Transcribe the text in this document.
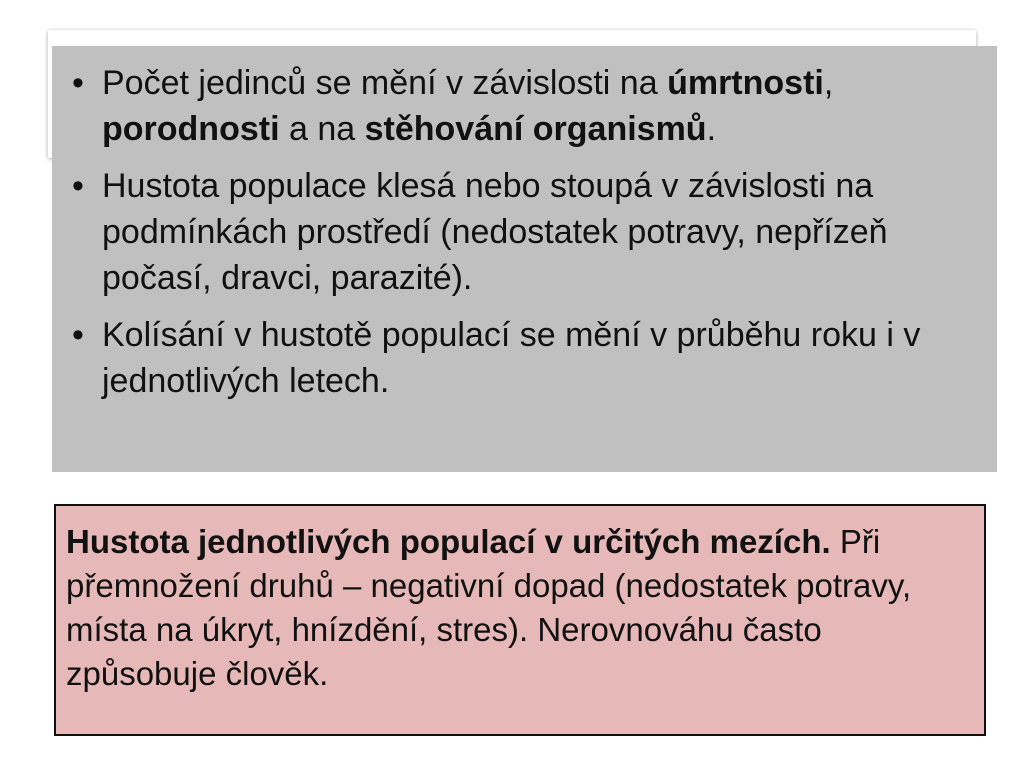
• Počet jedinců se mění v závislosti na úmrtnosti, porodnosti a na stěhování organismů.
• Hustota populace klesá nebo stoupá v závislosti na podmínkách prostředí (nedostatek potravy, nepřízeň počasí, dravci, parazité).
• Kolísání v hustotě populací se mění v průběhu roku i v jednotlivých letech.
Hustota jednotlivých populací v určitých mezích. Při přemnožení druhů – negativní dopad (nedostatek potravy, místa na úkryt, hnízdění, stres). Nerovnováhu často způsobuje člověk.
